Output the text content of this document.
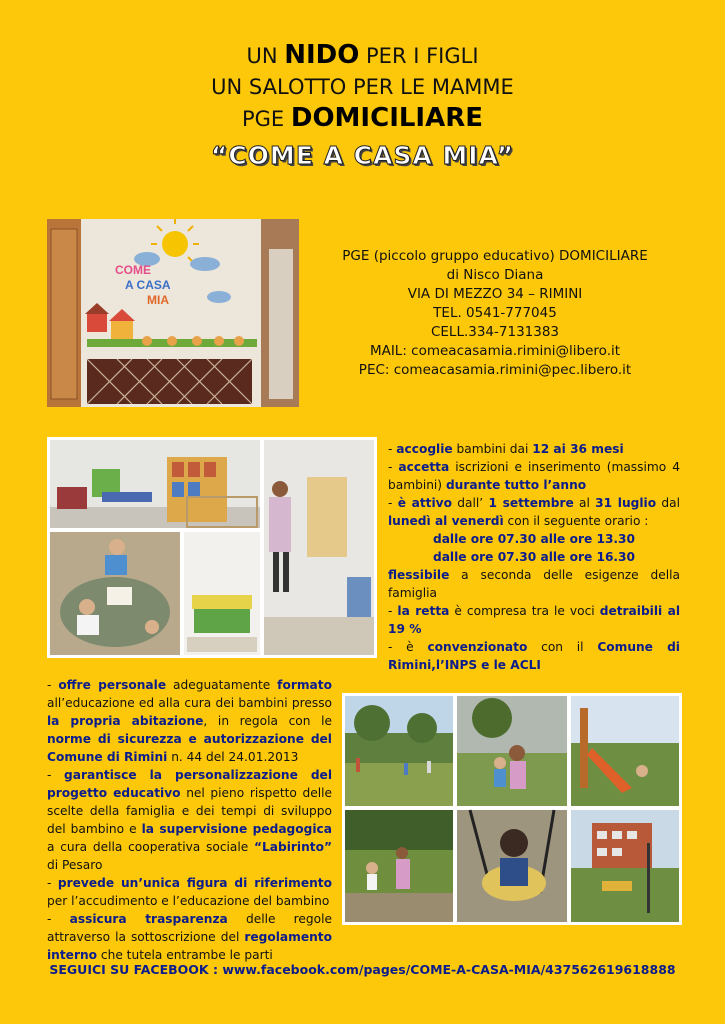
UN NIDO PER I FIGLI
UN SALOTTO PER LE MAMME
PGE DOMICILIARE
“COME A CASA MIA”
COME
A CASA
MIA
PGE (piccolo gruppo educativo) DOMICILIARE
di Nisco Diana
VIA DI MEZZO 34 – RIMINI
TEL. 0541-777045
CELL.334-7131383
MAIL: comeacasamia.rimini@libero.it
PEC: comeacasamia.rimini@pec.libero.it

- accoglie bambini dai 12 ai 36 mesi

- accetta iscrizioni e inserimento (massimo 4 bambini) durante tutto l’anno

- è attivo dall’ 1 settembre al 31 luglio dal lunedì al venerdì con il seguente orario :

dalle ore 07.30 alle ore 13.30

dalle ore 07.30 alle ore 16.30

flessibile a seconda delle esigenze della famiglia

- la retta è compresa tra le voci detraibili al 19 %

- è convenzionato con il Comune di Rimini,l’INPS e le ACLI

- offre personale adeguatamente formato all’educazione ed alla cura dei bambini presso la propria abitazione, in regola con le norme di sicurezza e autorizzazione del Comune di Rimini n. 44 del 24.01.2013

- garantisce la personalizzazione del progetto educativo nel pieno rispetto delle scelte della famiglia e dei tempi di sviluppo del bambino e la supervisione pedagogica a cura della cooperativa sociale “Labirinto” di Pesaro

- prevede un’unica figura di riferimento per l’accudimento e l’educazione del bambino

- assicura trasparenza delle regole attraverso la sottoscrizione del regolamento interno che tutela entrambe le parti

SEGUICI SU FACEBOOK : www.facebook.com/pages/COME-A-CASA-MIA/437562619618888
